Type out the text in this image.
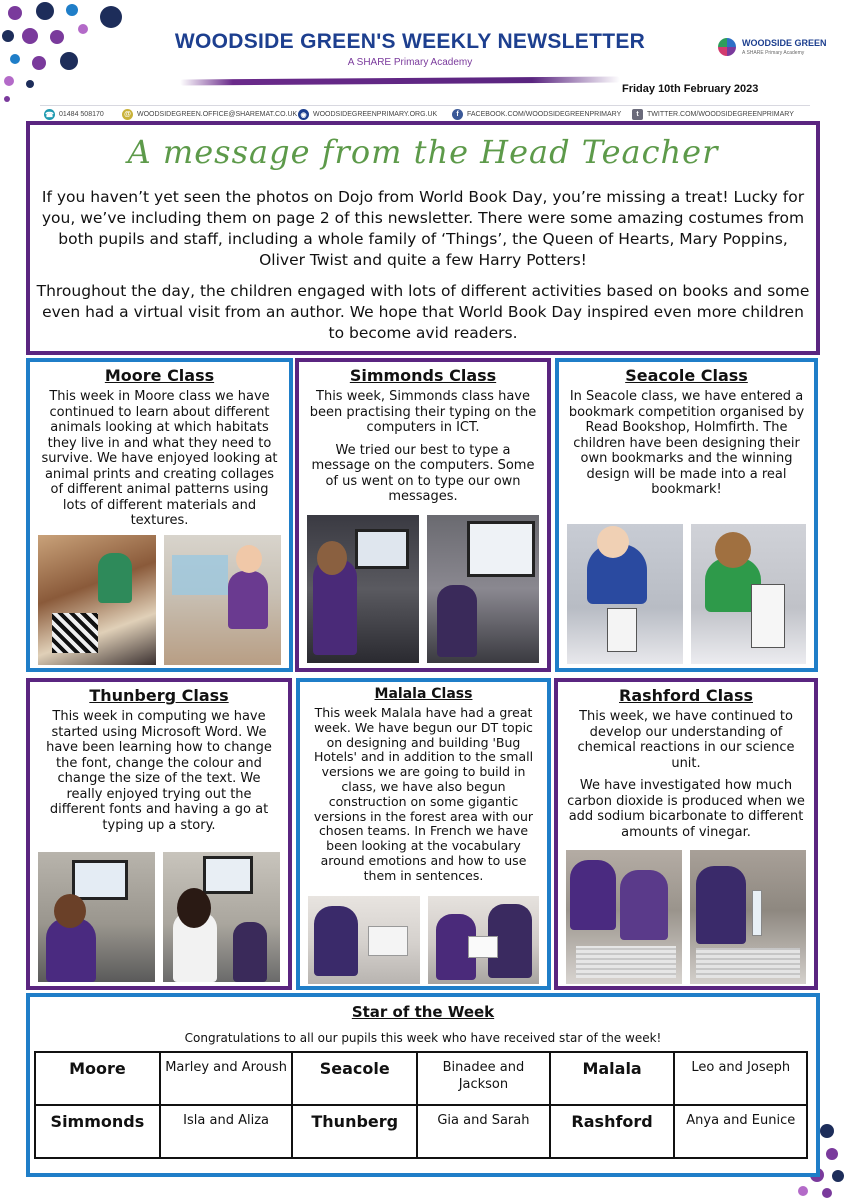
WOODSIDE GREEN'S WEEKLY NEWSLETTER
A SHARE Primary Academy
WOODSIDE GREEN
A SHARE Primary Academy
Friday 10th February 2023
☎ 01484 508170	@ WOODSIDEGREEN.OFFICE@SHAREMAT.CO.UK ◉ WOODSIDEGREENPRIMARY.ORG.UK	f	FACEBOOK.COM/WOODSIDEGREENPRIMARY	t	TWITTER.COM/WOODSIDEGREENPRIMARY
A message from the Head Teacher
If you haven’t yet seen the photos on Dojo from World Book Day, you’re missing a treat! Lucky for you, we’ve including them on page 2 of this newsletter. There were some amazing costumes from both pupils and staff, including a whole family of ‘Things’, the Queen of Hearts, Mary Poppins, Oliver Twist and quite a few Harry Potters!
Throughout the day, the children engaged with lots of different activities based on books and some even had a virtual visit from an author. We hope that World Book Day inspired even more children to become avid readers.
Moore Class

This week in Moore class we have continued to learn about different animals looking at which habitats they live in and what they need to survive. We have enjoyed looking at animal prints and creating collages of different animal patterns using lots of different materials and textures.

Simmonds Class

This week, Simmonds class have been practising their typing on the computers in ICT.

We tried our best to type a message on the computers. Some of us went on to type our own messages.

Seacole Class

In Seacole class, we have entered a bookmark competition organised by Read Bookshop, Holmfirth. The children have been designing their own bookmarks and the winning design will be made into a real bookmark!

Thunberg Class

This week in computing we have started using Microsoft Word. We have been learning how to change the font, change the colour and change the size of the text. We really enjoyed trying out the different fonts and having a go at typing up a story.

Malala Class

This week Malala have had a great week. We have begun our DT topic on designing and building 'Bug Hotels' and in addition to the small versions we are going to build in class, we have also begun construction on some gigantic versions in the forest area with our chosen teams. In French we have been looking at the vocabulary around emotions and how to use them in sentences.

Rashford Class

This week, we have continued to develop our understanding of chemical reactions in our science unit.

We have investigated how much carbon dioxide is produced when we add sodium bicarbonate to different amounts of vinegar.

Star of the Week
Congratulations to all our pupils this week who have received star of the week!
Moore	Marley and Aroush	Seacole	Binadee and Jackson	Malala	Leo and Joseph
Simmonds	Isla and Aliza	Thunberg	Gia and Sarah	Rashford	Anya and Eunice
